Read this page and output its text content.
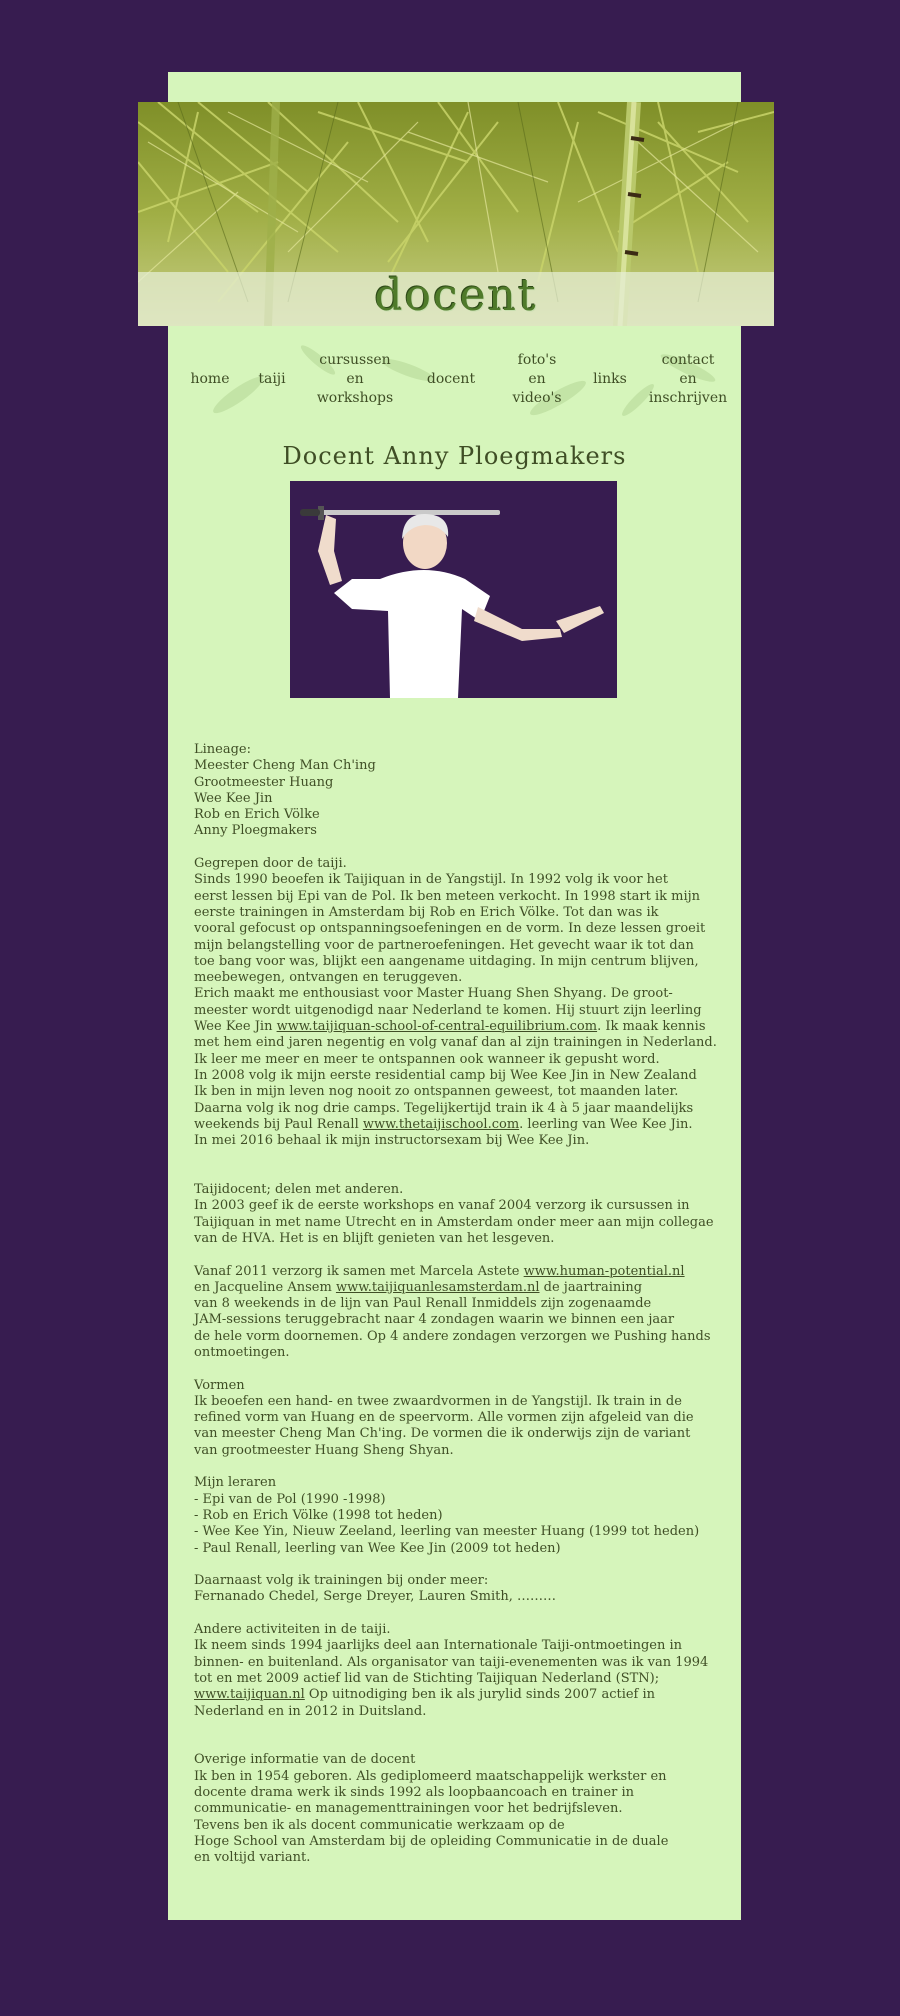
docent
home	taiji
cursussen
en
workshops
docent
foto's
en
video's
links
contact
en
inschrijven
Docent Anny Ploegmakers
Lineage:
Meester Cheng Man Ch'ing
Grootmeester Huang
Wee Kee Jin
Rob en Erich Völke
Anny Ploegmakers
Gegrepen door de taiji.
Sinds 1990 beoefen ik Taijiquan in de Yangstijl. In 1992 volg ik voor het
eerst lessen bij Epi van de Pol. Ik ben meteen verkocht. In 1998 start ik mijn
eerste trainingen in Amsterdam bij Rob en Erich Völke. Tot dan was ik
vooral gefocust op ontspanningsoefeningen en de vorm. In deze lessen groeit
mijn belangstelling voor de partneroefeningen. Het gevecht waar ik tot dan
toe bang voor was, blijkt een aangename uitdaging. In mijn centrum blijven,
meebewegen, ontvangen en teruggeven.
Erich maakt me enthousiast voor Master Huang Shen Shyang. De groot-
meester wordt uitgenodigd naar Nederland te komen. Hij stuurt zijn leerling
Wee Kee Jin www.taijiquan-school-of-central-equilibrium.com. Ik maak kennis
met hem eind jaren negentig en volg vanaf dan al zijn trainingen in Nederland.
Ik leer me meer en meer te ontspannen ook wanneer ik gepusht word.
In 2008 volg ik mijn eerste residential camp bij Wee Kee Jin in New Zealand
Ik ben in mijn leven nog nooit zo ontspannen geweest, tot maanden later.
Daarna volg ik nog drie camps. Tegelijkertijd train ik 4 à 5 jaar maandelijks
weekends bij Paul Renall www.thetaijischool.com. leerling van Wee Kee Jin.
In mei 2016 behaal ik mijn instructorsexam bij Wee Kee Jin.
Taijidocent; delen met anderen.
In 2003 geef ik de eerste workshops en vanaf 2004 verzorg ik cursussen in
Taijiquan in met name Utrecht en in Amsterdam onder meer aan mijn collegae
van de HVA. Het is en blijft genieten van het lesgeven.
Vanaf 2011 verzorg ik samen met Marcela Astete www.human-potential.nl
en Jacqueline Ansem www.taijiquanlesamsterdam.nl de jaartraining
van 8 weekends in de lijn van Paul Renall Inmiddels zijn zogenaamde
JAM-sessions teruggebracht naar 4 zondagen waarin we binnen een jaar
de hele vorm doornemen. Op 4 andere zondagen verzorgen we Pushing hands
ontmoetingen.
Vormen
Ik beoefen een hand- en twee zwaardvormen in de Yangstijl. Ik train in de
refined vorm van Huang en de speervorm. Alle vormen zijn afgeleid van die
van meester Cheng Man Ch'ing. De vormen die ik onderwijs zijn de variant
van grootmeester Huang Sheng Shyan.
Mijn leraren
- Epi van de Pol (1990 -1998)
- Rob en Erich Völke (1998 tot heden)
- Wee Kee Yin, Nieuw Zeeland, leerling van meester Huang (1999 tot heden)
- Paul Renall, leerling van Wee Kee Jin (2009 tot heden)
Daarnaast volg ik trainingen bij onder meer:
Fernanado Chedel, Serge Dreyer, Lauren Smith, ………
Andere activiteiten in de taiji.
Ik neem sinds 1994 jaarlijks deel aan Internationale Taiji-ontmoetingen in
binnen- en buitenland. Als organisator van taiji-evenementen was ik van 1994
tot en met 2009 actief lid van de Stichting Taijiquan Nederland (STN);
www.taijiquan.nl Op uitnodiging ben ik als jurylid sinds 2007 actief in
Nederland en in 2012 in Duitsland.
Overige informatie van de docent
Ik ben in 1954 geboren. Als gediplomeerd maatschappelijk werkster en
docente drama werk ik sinds 1992 als loopbaancoach en trainer in
communicatie- en managementtrainingen voor het bedrijfsleven.
Tevens ben ik als docent communicatie werkzaam op de
Hoge School van Amsterdam bij de opleiding Communicatie in de duale
en voltijd variant.
